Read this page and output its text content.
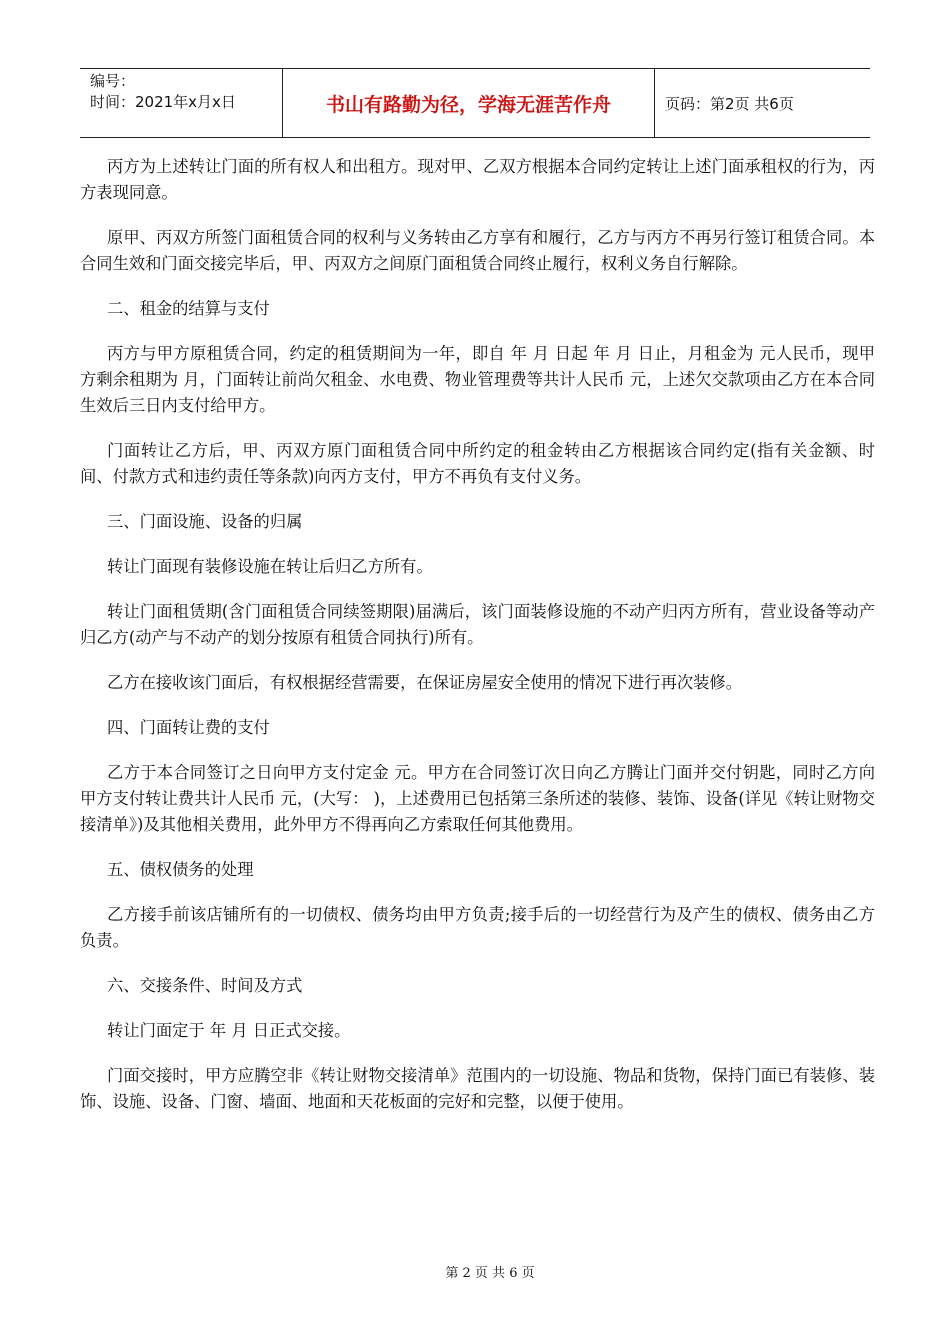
编号：
时间：2021年x月x日	书山有路勤为径，学海无涯苦作舟	页码：第2页 共6页

丙方为上述转让门面的所有权人和出租方。现对甲、乙双方根据本合同约定转让上述门面承租权的行为，丙方表现同意。

原甲、丙双方所签门面租赁合同的权利与义务转由乙方享有和履行，乙方与丙方不再另行签订租赁合同。本合同生效和门面交接完毕后，甲、丙双方之间原门面租赁合同终止履行，权利义务自行解除。

二、租金的结算与支付

丙方与甲方原租赁合同，约定的租赁期间为一年，即自 年 月 日起 年 月 日止，月租金为 元人民币，现甲方剩余租期为 月，门面转让前尚欠租金、水电费、物业管理费等共计人民币 元，上述欠交款项由乙方在本合同生效后三日内支付给甲方。

门面转让乙方后，甲、丙双方原门面租赁合同中所约定的租金转由乙方根据该合同约定(指有关金额、时间、付款方式和违约责任等条款)向丙方支付，甲方不再负有支付义务。

三、门面设施、设备的归属

转让门面现有装修设施在转让后归乙方所有。

转让门面租赁期(含门面租赁合同续签期限)届满后，该门面装修设施的不动产归丙方所有，营业设备等动产归乙方(动产与不动产的划分按原有租赁合同执行)所有。

乙方在接收该门面后，有权根据经营需要，在保证房屋安全使用的情况下进行再次装修。

四、门面转让费的支付

乙方于本合同签订之日向甲方支付定金 元。甲方在合同签订次日向乙方腾让门面并交付钥匙，同时乙方向甲方支付转让费共计人民币 元，(大写： )，上述费用已包括第三条所述的装修、装饰、设备(详见《转让财物交接清单》)及其他相关费用，此外甲方不得再向乙方索取任何其他费用。

五、债权债务的处理

乙方接手前该店铺所有的一切债权、债务均由甲方负责;接手后的一切经营行为及产生的债权、债务由乙方负责。

六、交接条件、时间及方式

转让门面定于 年 月 日正式交接。

门面交接时，甲方应腾空非《转让财物交接清单》范围内的一切设施、物品和货物，保持门面已有装修、装饰、设施、设备、门窗、墙面、地面和天花板面的完好和完整，以便于使用。

第 2 页 共 6 页
